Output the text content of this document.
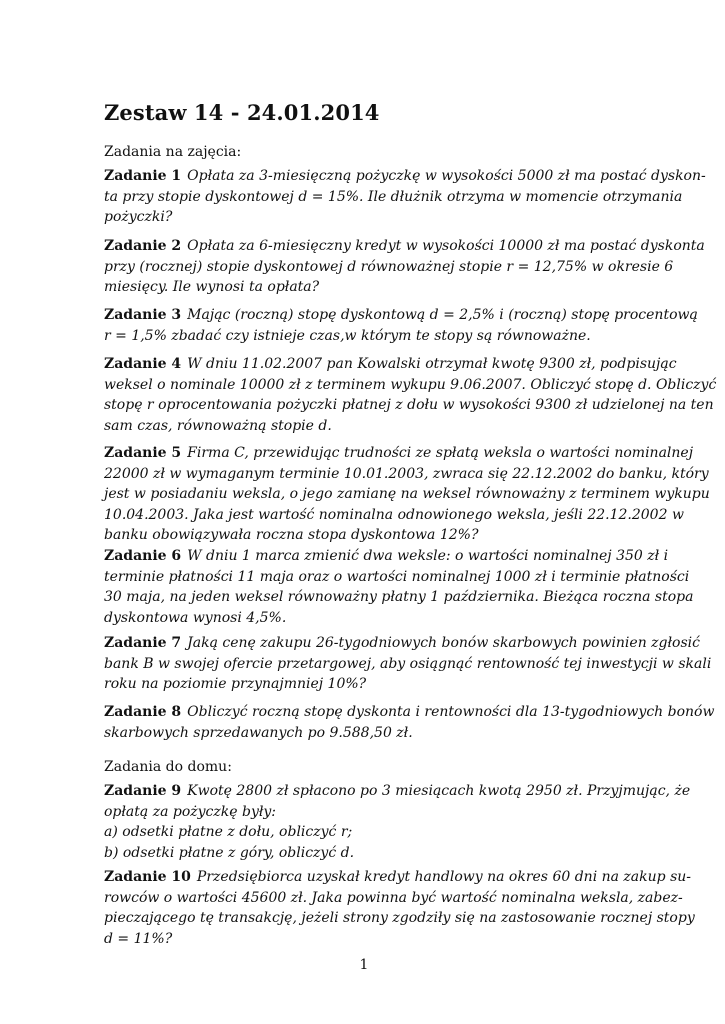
Zestaw 14 - 24.01.2014
Zadania na zajęcia:
Zadanie 1 Opłata za 3-miesięczną pożyczkę w wysokości 5000 zł ma postać dyskon-
ta przy stopie dyskontowej d = 15%. Ile dłużnik otrzyma w momencie otrzymania
pożyczki?
Zadanie 2 Opłata za 6-miesięczny kredyt w wysokości 10000 zł ma postać dyskonta
przy (rocznej) stopie dyskontowej d równoważnej stopie r = 12,75% w okresie 6
miesięcy. Ile wynosi ta opłata?
Zadanie 3 Mając (roczną) stopę dyskontową d = 2,5% i (roczną) stopę procentową
r = 1,5% zbadać czy istnieje czas,w którym te stopy są równoważne.
Zadanie 4 W dniu 11.02.2007 pan Kowalski otrzymał kwotę 9300 zł, podpisując
weksel o nominale 10000 zł z terminem wykupu 9.06.2007. Obliczyć stopę d. Obliczyć
stopę r oprocentowania pożyczki płatnej z dołu w wysokości 9300 zł udzielonej na ten
sam czas, równoważną stopie d.
Zadanie 5 Firma C, przewidując trudności ze spłatą weksla o wartości nominalnej
22000 zł w wymaganym terminie 10.01.2003, zwraca się 22.12.2002 do banku, który
jest w posiadaniu weksla, o jego zamianę na weksel równoważny z terminem wykupu
10.04.2003. Jaka jest wartość nominalna odnowionego weksla, jeśli 22.12.2002 w
banku obowiązywała roczna stopa dyskontowa 12%?
Zadanie 6 W dniu 1 marca zmienić dwa weksle: o wartości nominalnej 350 zł i
terminie płatności 11 maja oraz o wartości nominalnej 1000 zł i terminie płatności
30 maja, na jeden weksel równoważny płatny 1 października. Bieżąca roczna stopa
dyskontowa wynosi 4,5%.
Zadanie 7 Jaką cenę zakupu 26-tygodniowych bonów skarbowych powinien zgłosić
bank B w swojej ofercie przetargowej, aby osiągnąć rentowność tej inwestycji w skali
roku na poziomie przynajmniej 10%?
Zadanie 8 Obliczyć roczną stopę dyskonta i rentowności dla 13-tygodniowych bonów
skarbowych sprzedawanych po 9.588,50 zł.
Zadania do domu:
Zadanie 9 Kwotę 2800 zł spłacono po 3 miesiącach kwotą 2950 zł. Przyjmując, że
opłatą za pożyczkę były:
a) odsetki płatne z dołu, obliczyć r;
b) odsetki płatne z góry, obliczyć d.
Zadanie 10 Przedsiębiorca uzyskał kredyt handlowy na okres 60 dni na zakup su-
rowców o wartości 45600 zł. Jaka powinna być wartość nominalna weksla, zabez-
pieczającego tę transakcję, jeżeli strony zgodziły się na zastosowanie rocznej stopy
d = 11%?
1
